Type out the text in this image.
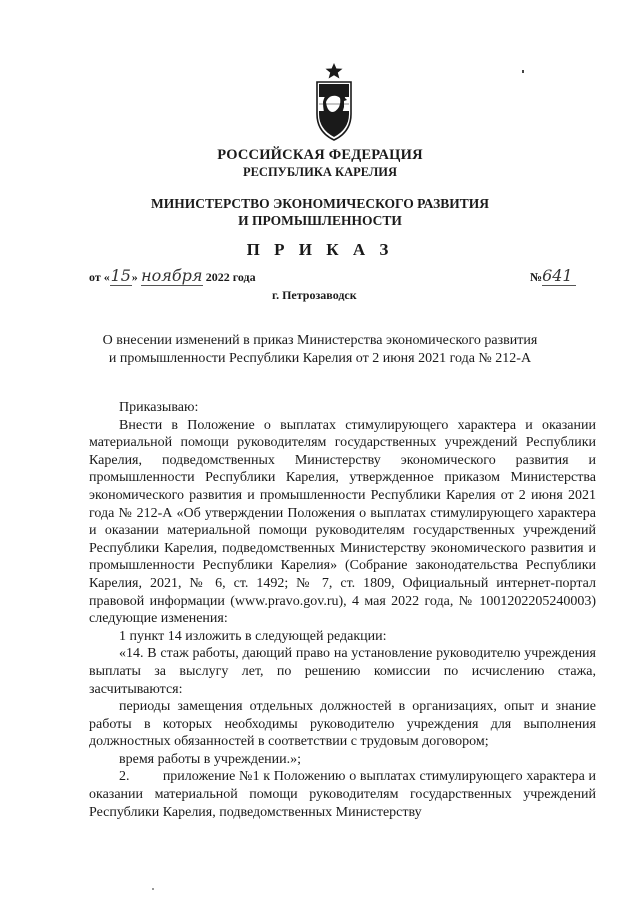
РОССИЙСКАЯ ФЕДЕРАЦИЯ
РЕСПУБЛИКА КАРЕЛИЯ
МИНИСТЕРСТВО ЭКОНОМИЧЕСКОГО РАЗВИТИЯ
И ПРОМЫШЛЕННОСТИ
П Р И К А З
от «15» ноября 2022 года	№641
г. Петрозаводск
О внесении изменений в приказ Министерства экономического развития
и промышленности Республики Карелия от 2 июня 2021 года № 212-А

Приказываю:

Внести в Положение о выплатах стимулирующего характера и оказании материальной помощи руководителям государственных учреждений Республики Карелия, подведомственных Министерству экономического развития и промышленности Республики Карелия, утвержденное приказом Министерства экономического развития и промышленности Республики Карелия от 2 июня 2021 года № 212-А «Об утверждении Положения о выплатах стимулирующего характера и оказании материальной помощи руководителям государственных учреждений Республики Карелия, подведомственных Министерству экономического развития и промышленности Республики Карелия» (Собрание законодательства Республики Карелия, 2021, № 6, ст. 1492; № 7, ст. 1809, Официальный интернет-портал правовой информации (www.pravo.gov.ru), 4 мая 2022 года, № 1001202205240003) следующие изменения:

1 пункт 14 изложить в следующей редакции:

«14. В стаж работы, дающий право на установление руководителю учреждения выплаты за выслугу лет, по решению комиссии по исчислению стажа, засчитываются:

периоды замещения отдельных должностей в организациях, опыт и знание работы в которых необходимы руководителю учреждения для выполнения должностных обязанностей в соответствии с трудовым договором;

время работы в учреждении.»;

2.         приложение №1 к Положению о выплатах стимулирующего характера и оказании материальной помощи руководителям государственных учреждений Республики Карелия, подведомственных Министерству
